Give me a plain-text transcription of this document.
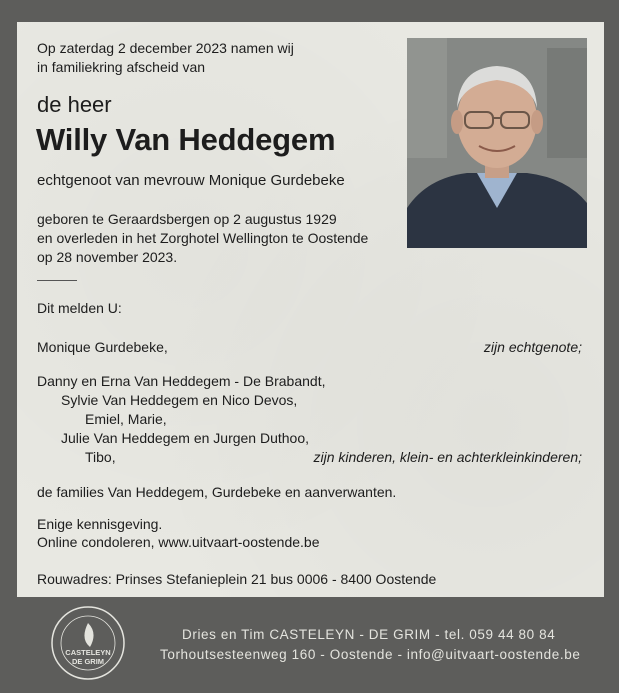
Op zaterdag 2 december 2023 namen wij
in familiekring afscheid van
de heer
Willy Van Heddegem
echtgenoot van mevrouw Monique Gurdebeke
geboren te Geraardsbergen op 2 augustus 1929
en overleden in het Zorghotel Wellington te Oostende
op 28 november 2023.
Dit melden U:
Monique Gurdebeke,	zijn echtgenote;
Danny en Erna Van Heddegem - De Brabandt,
Sylvie Van Heddegem en Nico Devos,
Emiel, Marie,
Julie Van Heddegem en Jurgen Duthoo,
Tibo,	zijn kinderen, klein- en achterkleinkinderen;
de families Van Heddegem, Gurdebeke en aanverwanten.
Enige kennisgeving.
Online condoleren, www.uitvaart-oostende.be
Rouwadres: Prinses Stefanieplein 21 bus 0006 - 8400 Oostende
CASTELEYN
DE GRIM
Dries en Tim CASTELEYN - DE GRIM - tel. 059 44 80 84
Torhoutsesteenweg 160 - Oostende - info@uitvaart-oostende.be
